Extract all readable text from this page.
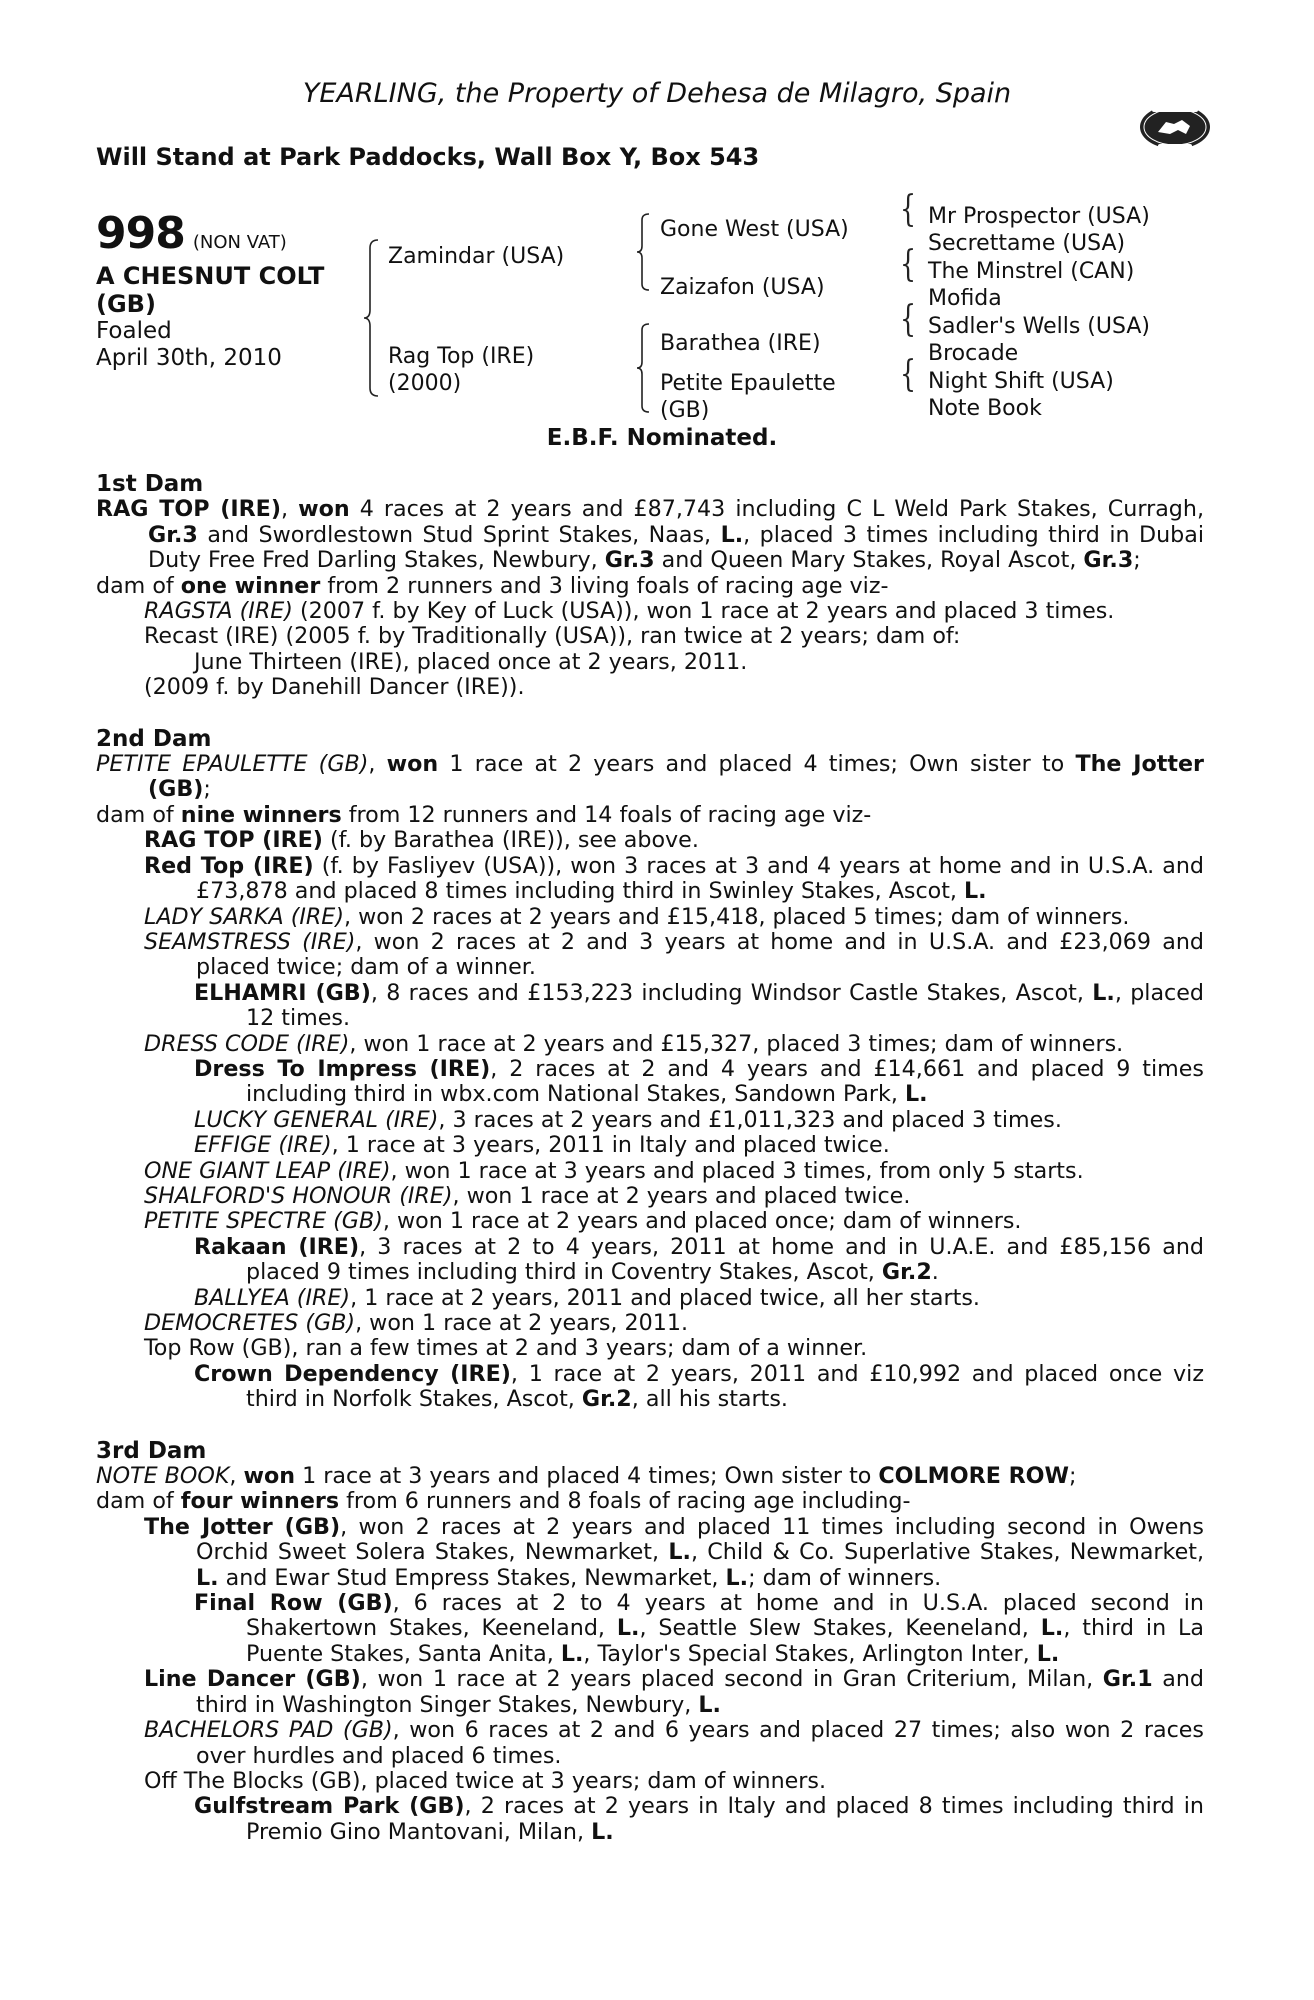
YEARLING, the Property of Dehesa de Milagro, Spain
Will Stand at Park Paddocks, Wall Box Y, Box 543
998 (NON VAT)
A CHESNUT COLT
(GB)
Foaled
April 30th, 2010
Zamindar (USA)
Rag Top (IRE)
(2000)
Gone West (USA)
Zaizafon (USA)
Barathea (IRE)
Petite Epaulette
(GB)
{
{
{
{
Mr Prospector (USA)
Secrettame (USA)
The Minstrel (CAN)
Mofida
Sadler's Wells (USA)
Brocade
Night Shift (USA)
Note Book
E.B.F. Nominated.
1st Dam
RAG TOP (IRE), won 4 races at 2 years and £87,743 including C L Weld Park Stakes, Curragh, Gr.3 and Swordlestown Stud Sprint Stakes, Naas, L., placed 3 times including third in Dubai Duty Free Fred Darling Stakes, Newbury, Gr.3 and Queen Mary Stakes, Royal Ascot, Gr.3;
dam of one winner from 2 runners and 3 living foals of racing age viz-
RAGSTA (IRE) (2007 f. by Key of Luck (USA)), won 1 race at 2 years and placed 3 times.
Recast (IRE) (2005 f. by Traditionally (USA)), ran twice at 2 years; dam of:
June Thirteen (IRE), placed once at 2 years, 2011.
(2009 f. by Danehill Dancer (IRE)).
2nd Dam
PETITE EPAULETTE (GB), won 1 race at 2 years and placed 4 times; Own sister to The Jotter (GB);
dam of nine winners from 12 runners and 14 foals of racing age viz-
RAG TOP (IRE) (f. by Barathea (IRE)), see above.
Red Top (IRE) (f. by Fasliyev (USA)), won 3 races at 3 and 4 years at home and in U.S.A. and £73,878 and placed 8 times including third in Swinley Stakes, Ascot, L.
LADY SARKA (IRE), won 2 races at 2 years and £15,418, placed 5 times; dam of winners.
SEAMSTRESS (IRE), won 2 races at 2 and 3 years at home and in U.S.A. and £23,069 and placed twice; dam of a winner.
ELHAMRI (GB), 8 races and £153,223 including Windsor Castle Stakes, Ascot, L., placed 12 times.
DRESS CODE (IRE), won 1 race at 2 years and £15,327, placed 3 times; dam of winners.
Dress To Impress (IRE), 2 races at 2 and 4 years and £14,661 and placed 9 times including third in wbx.com National Stakes, Sandown Park, L.
LUCKY GENERAL (IRE), 3 races at 2 years and £1,011,323 and placed 3 times.
EFFIGE (IRE), 1 race at 3 years, 2011 in Italy and placed twice.
ONE GIANT LEAP (IRE), won 1 race at 3 years and placed 3 times, from only 5 starts.
SHALFORD'S HONOUR (IRE), won 1 race at 2 years and placed twice.
PETITE SPECTRE (GB), won 1 race at 2 years and placed once; dam of winners.
Rakaan (IRE), 3 races at 2 to 4 years, 2011 at home and in U.A.E. and £85,156 and placed 9 times including third in Coventry Stakes, Ascot, Gr.2.
BALLYEA (IRE), 1 race at 2 years, 2011 and placed twice, all her starts.
DEMOCRETES (GB), won 1 race at 2 years, 2011.
Top Row (GB), ran a few times at 2 and 3 years; dam of a winner.
Crown Dependency (IRE), 1 race at 2 years, 2011 and £10,992 and placed once viz third in Norfolk Stakes, Ascot, Gr.2, all his starts.
3rd Dam
NOTE BOOK, won 1 race at 3 years and placed 4 times; Own sister to COLMORE ROW;
dam of four winners from 6 runners and 8 foals of racing age including-
The Jotter (GB), won 2 races at 2 years and placed 11 times including second in Owens Orchid Sweet Solera Stakes, Newmarket, L., Child & Co. Superlative Stakes, Newmarket, L. and Ewar Stud Empress Stakes, Newmarket, L.; dam of winners.
Final Row (GB), 6 races at 2 to 4 years at home and in U.S.A. placed second in Shakertown Stakes, Keeneland, L., Seattle Slew Stakes, Keeneland, L., third in La Puente Stakes, Santa Anita, L., Taylor's Special Stakes, Arlington Inter, L.
Line Dancer (GB), won 1 race at 2 years placed second in Gran Criterium, Milan, Gr.1 and third in Washington Singer Stakes, Newbury, L.
BACHELORS PAD (GB), won 6 races at 2 and 6 years and placed 27 times; also won 2 races over hurdles and placed 6 times.
Off The Blocks (GB), placed twice at 3 years; dam of winners.
Gulfstream Park (GB), 2 races at 2 years in Italy and placed 8 times including third in Premio Gino Mantovani, Milan, L.
